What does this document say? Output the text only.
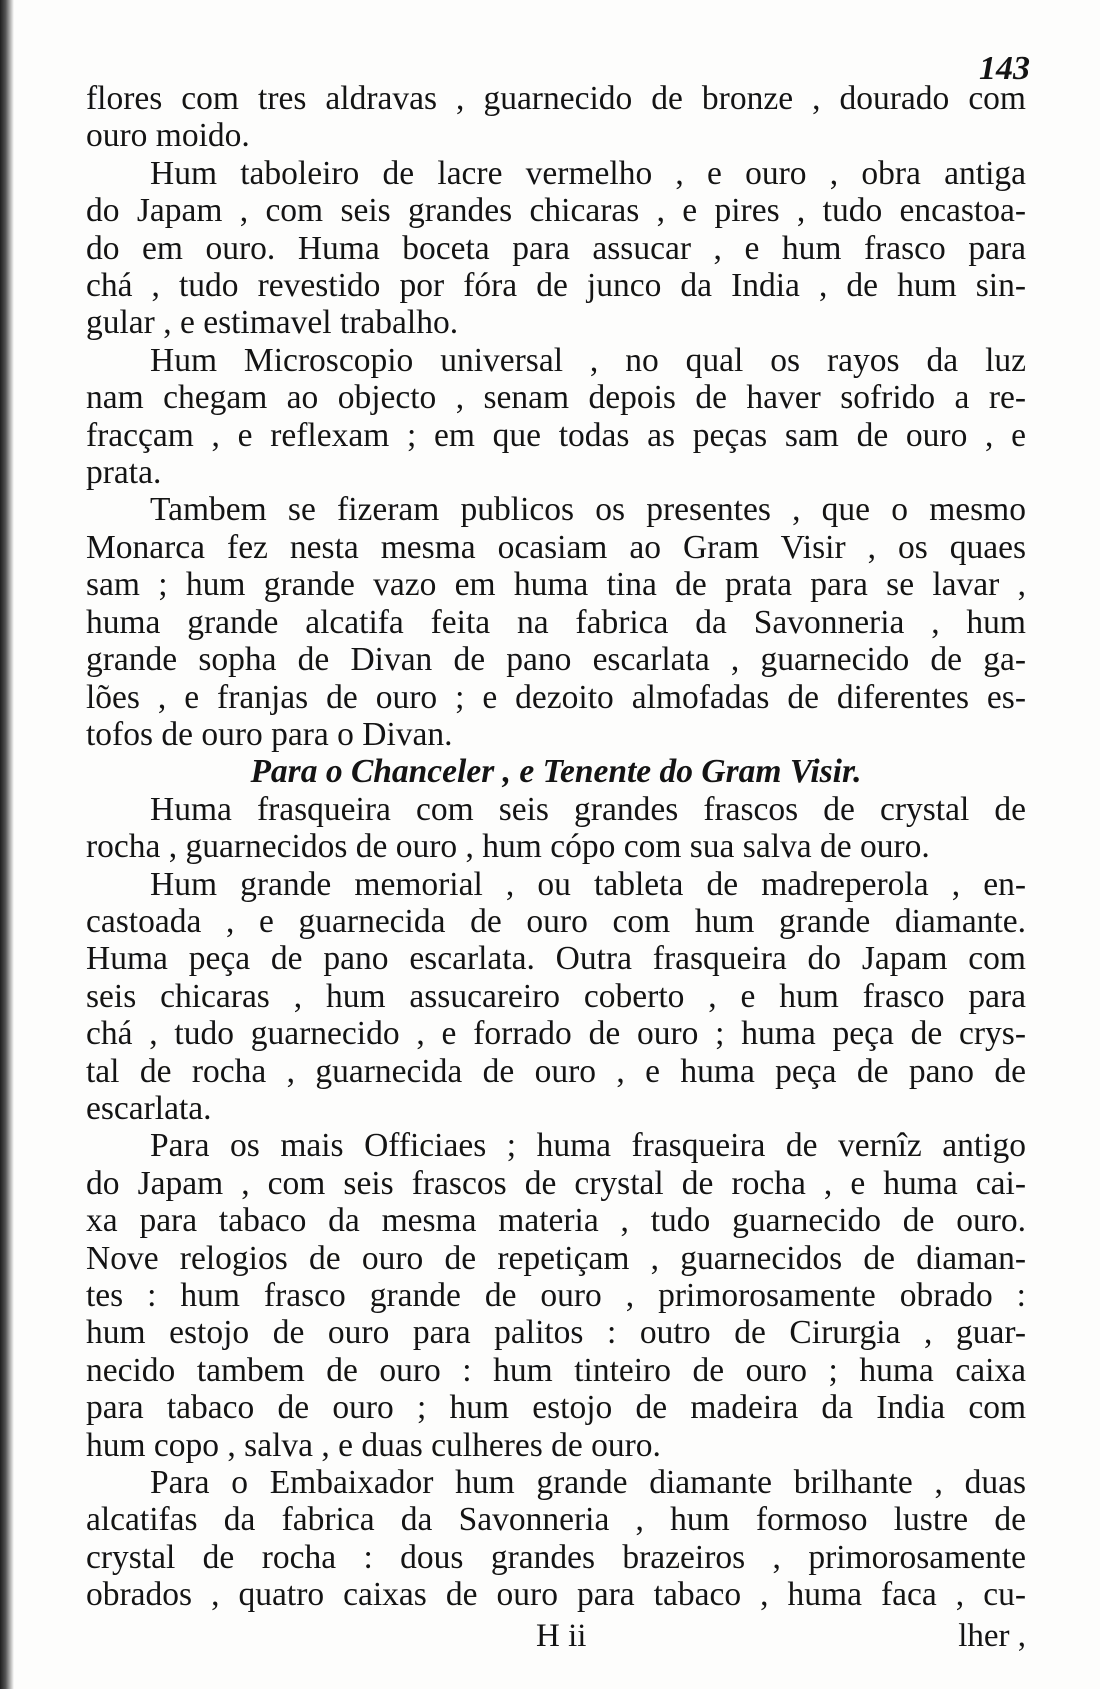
143
flores com tres aldravas , guarnecido de bronze , dourado com
ouro moido.
Hum taboleiro de lacre vermelho , e ouro , obra antiga
do Japam , com seis grandes chicaras , e pires , tudo encastoa-
do em ouro. Huma boceta para assucar , e hum frasco para
chá , tudo revestido por fóra de junco da India , de hum sin-
gular , e estimavel trabalho.
Hum Microscopio universal , no qual os rayos da luz
nam chegam ao objecto , senam depois de haver sofrido a re-
fracçam , e reflexam ; em que todas as peças sam de ouro , e
prata.
Tambem se fizeram publicos os presentes , que o mesmo
Monarca fez nesta mesma ocasiam ao Gram Visir , os quaes
sam ; hum grande vazo em huma tina de prata para se lavar ,
huma grande alcatifa feita na fabrica da Savonneria , hum
grande sopha de Divan de pano escarlata , guarnecido de ga-
lões , e franjas de ouro ; e dezoito almofadas de diferentes es-
tofos de ouro para o Divan.
Para o Chanceler , e Tenente do Gram Visir.
Huma frasqueira com seis grandes frascos de crystal de
rocha , guarnecidos de ouro , hum cópo com sua salva de ouro.
Hum grande memorial , ou tableta de madreperola , en-
castoada , e guarnecida de ouro com hum grande diamante.
Huma peça de pano escarlata. Outra frasqueira do Japam com
seis chicaras , hum assucareiro coberto , e hum frasco para
chá , tudo guarnecido , e forrado de ouro ; huma peça de crys-
tal de rocha , guarnecida de ouro , e huma peça de pano de
escarlata.
Para os mais Officiaes ; huma frasqueira de vernîz antigo
do Japam , com seis frascos de crystal de rocha , e huma cai-
xa para tabaco da mesma materia , tudo guarnecido de ouro.
Nove relogios de ouro de repetiçam , guarnecidos de diaman-
tes : hum frasco grande de ouro , primorosamente obrado :
hum estojo de ouro para palitos : outro de Cirurgia , guar-
necido tambem de ouro : hum tinteiro de ouro ; huma caixa
para tabaco de ouro ; hum estojo de madeira da India com
hum copo , salva , e duas culheres de ouro.
Para o Embaixador hum grande diamante brilhante , duas
alcatifas da fabrica da Savonneria , hum formoso lustre de
crystal de rocha : dous grandes brazeiros , primorosamente
obrados , quatro caixas de ouro para tabaco , huma faca , cu-
H ii	lher ,
